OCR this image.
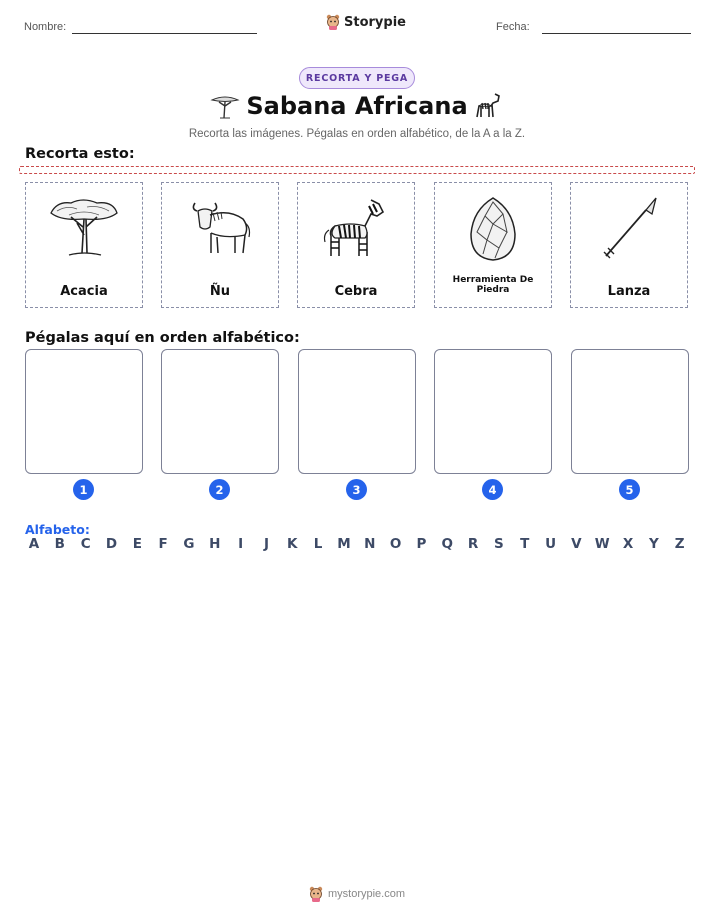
Nombre:	Storypie	Fecha:
RECORTA Y PEGA
Sabana Africana
Recorta las imágenes. Pégalas en orden alfabético, de la A a la Z.
Recorta esto:
Acacia	Ñu	Cebra
Herramienta De Piedra	Lanza
Pégalas aquí en orden alfabético:
1	2	3	4	5
Alfabeto:
A B C D	E	F	G H	I	J	K	L	M N O P Q R	S	T	U V W X	Y	Z
mystorypie.com
